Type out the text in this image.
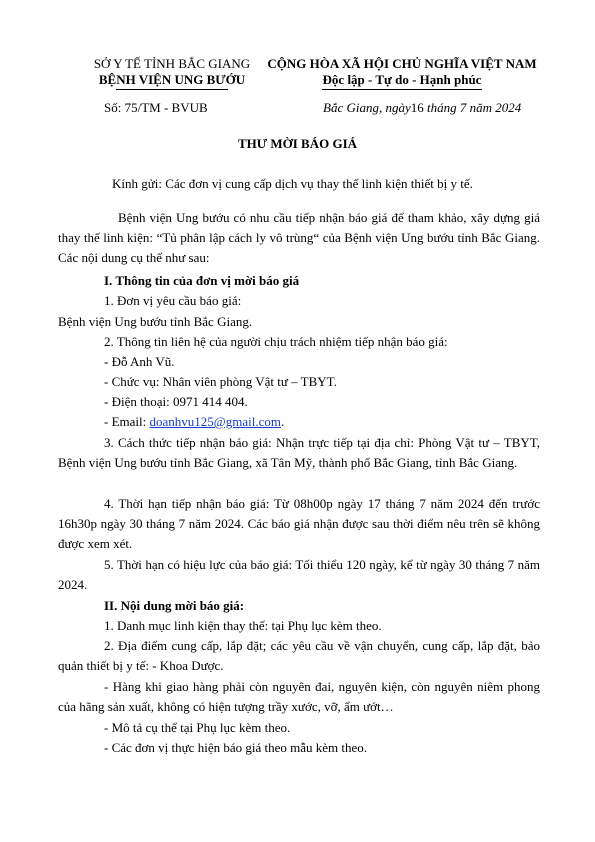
SỞ Y TẾ TỈNH BẮC GIANG
BỆNH VIỆN UNG BƯỚU
CỘNG HÒA XÃ HỘI CHỦ NGHĨA VIỆT NAM
Độc lập - Tự do - Hạnh phúc
Số: 75/TM - BVUB	Bắc Giang, ngày16 tháng 7 năm 2024
THƯ MỜI BÁO GIÁ
Kính gửi: Các đơn vị cung cấp dịch vụ thay thế linh kiện thiết bị y tế.
Bệnh viện Ung bướu có nhu cầu tiếp nhận báo giá để tham khảo, xây dựng giá thay thế linh kiện: “Tủ phân lập cách ly vô trùng“ của Bệnh viện Ung bướu tỉnh Bắc Giang. Các nội dung cụ thể như sau:
I. Thông tin của đơn vị mời báo giá
1. Đơn vị yêu cầu báo giá:
Bệnh viện Ung bướu tỉnh Bắc Giang.
2. Thông tin liên hệ của người chịu trách nhiệm tiếp nhận báo giá:
- Đỗ Anh Vũ.
- Chức vụ: Nhân viên phòng Vật tư – TBYT.
- Điện thoại: 0971 414 404.
- Email: doanhvu125@gmail.com.
3. Cách thức tiếp nhận báo giá: Nhận trực tiếp tại địa chỉ: Phòng Vật tư – TBYT, Bệnh viện Ung bướu tỉnh Bắc Giang, xã Tân Mỹ, thành phố Bắc Giang, tỉnh Bắc Giang.
4. Thời hạn tiếp nhận báo giá: Từ 08h00p ngày 17 tháng 7 năm 2024 đến trước 16h30p ngày 30 tháng 7 năm 2024. Các báo giá nhận được sau thời điểm nêu trên sẽ không được xem xét.
5. Thời hạn có hiệu lực của báo giá: Tối thiểu 120 ngày, kể từ ngày 30 tháng 7 năm 2024.
II. Nội dung mời báo giá:
1. Danh mục linh kiện thay thế: tại Phụ lục kèm theo.
2. Địa điểm cung cấp, lắp đặt; các yêu cầu về vận chuyển, cung cấp, lắp đặt, bảo quản thiết bị y tế: - Khoa Dược.
- Hàng khi giao hàng phải còn nguyên đai, nguyên kiện, còn nguyên niêm phong của hãng sản xuất, không có hiện tượng trầy xước, vỡ, ẩm ướt…
- Mô tả cụ thể tại Phụ lục kèm theo.
- Các đơn vị thực hiện báo giá theo mẫu kèm theo.
